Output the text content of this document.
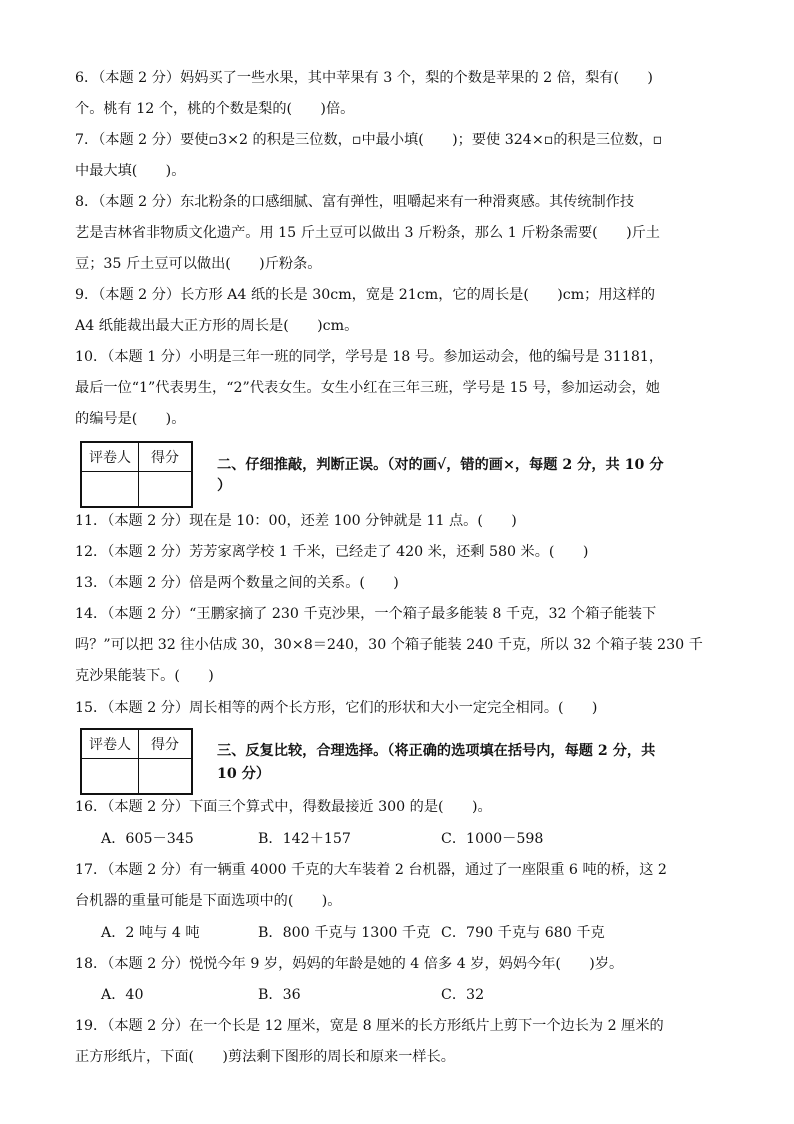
6．（本题 2 分）妈妈买了一些水果，其中苹果有 3 个，梨的个数是苹果的 2 倍，梨有(　　)
个。桃有 12 个，桃的个数是梨的(　　)倍。
7．（本题 2 分）要使▫3×2 的积是三位数，▫中最小填(　　)；要使 324×▫的积是三位数，▫
中最大填(　　)。
8．（本题 2 分）东北粉条的口感细腻、富有弹性，咀嚼起来有一种滑爽感。其传统制作技
艺是吉林省非物质文化遗产。用 15 斤土豆可以做出 3 斤粉条，那么 1 斤粉条需要(　　)斤土
豆；35 斤土豆可以做出(　　)斤粉条。
9．（本题 2 分）长方形 A4 纸的长是 30cm，宽是 21cm，它的周长是(　　)cm；用这样的
A4 纸能裁出最大正方形的周长是(　　)cm。
10．（本题 1 分）小明是三年一班的同学，学号是 18 号。参加运动会，他的编号是 31181，
最后一位“1”代表男生，“2”代表女生。女生小红在三年三班，学号是 15 号，参加运动会，她
的编号是(　　)。
评卷人	得分
		二、仔细推敲，判断正误。（对的画√，错的画×，每题 2 分，共 10 分
）
11．（本题 2 分）现在是 10：00，还差 100 分钟就是 11 点。(　　)
12．（本题 2 分）芳芳家离学校 1 千米，已经走了 420 米，还剩 580 米。(　　)
13．（本题 2 分）倍是两个数量之间的关系。(　　)
14．（本题 2 分）“王鹏家摘了 230 千克沙果，一个箱子最多能装 8 千克，32 个箱子能装下
吗？”可以把 32 往小估成 30，30×8＝240，30 个箱子能装 240 千克，所以 32 个箱子装 230 千
克沙果能装下。(　　)
15．（本题 2 分）周长相等的两个长方形，它们的形状和大小一定完全相同。(　　)
评卷人	得分
		三、反复比较，合理选择。（将正确的选项填在括号内，每题 2 分，共
10 分）
16．（本题 2 分）下面三个算式中，得数最接近 300 的是(　　)。
A．605－345	B．142＋157	C．1000－598
17．（本题 2 分）有一辆重 4000 千克的大车装着 2 台机器，通过了一座限重 6 吨的桥，这 2
台机器的重量可能是下面选项中的(　　)。
A．2 吨与 4 吨	B．800 千克与 1300 千克 C．790 千克与 680 千克
18．（本题 2 分）悦悦今年 9 岁，妈妈的年龄是她的 4 倍多 4 岁，妈妈今年(　　)岁。
A．40	B．36	C．32
19．（本题 2 分）在一个长是 12 厘米，宽是 8 厘米的长方形纸片上剪下一个边长为 2 厘米的
正方形纸片，下面(　　)剪法剩下图形的周长和原来一样长。
